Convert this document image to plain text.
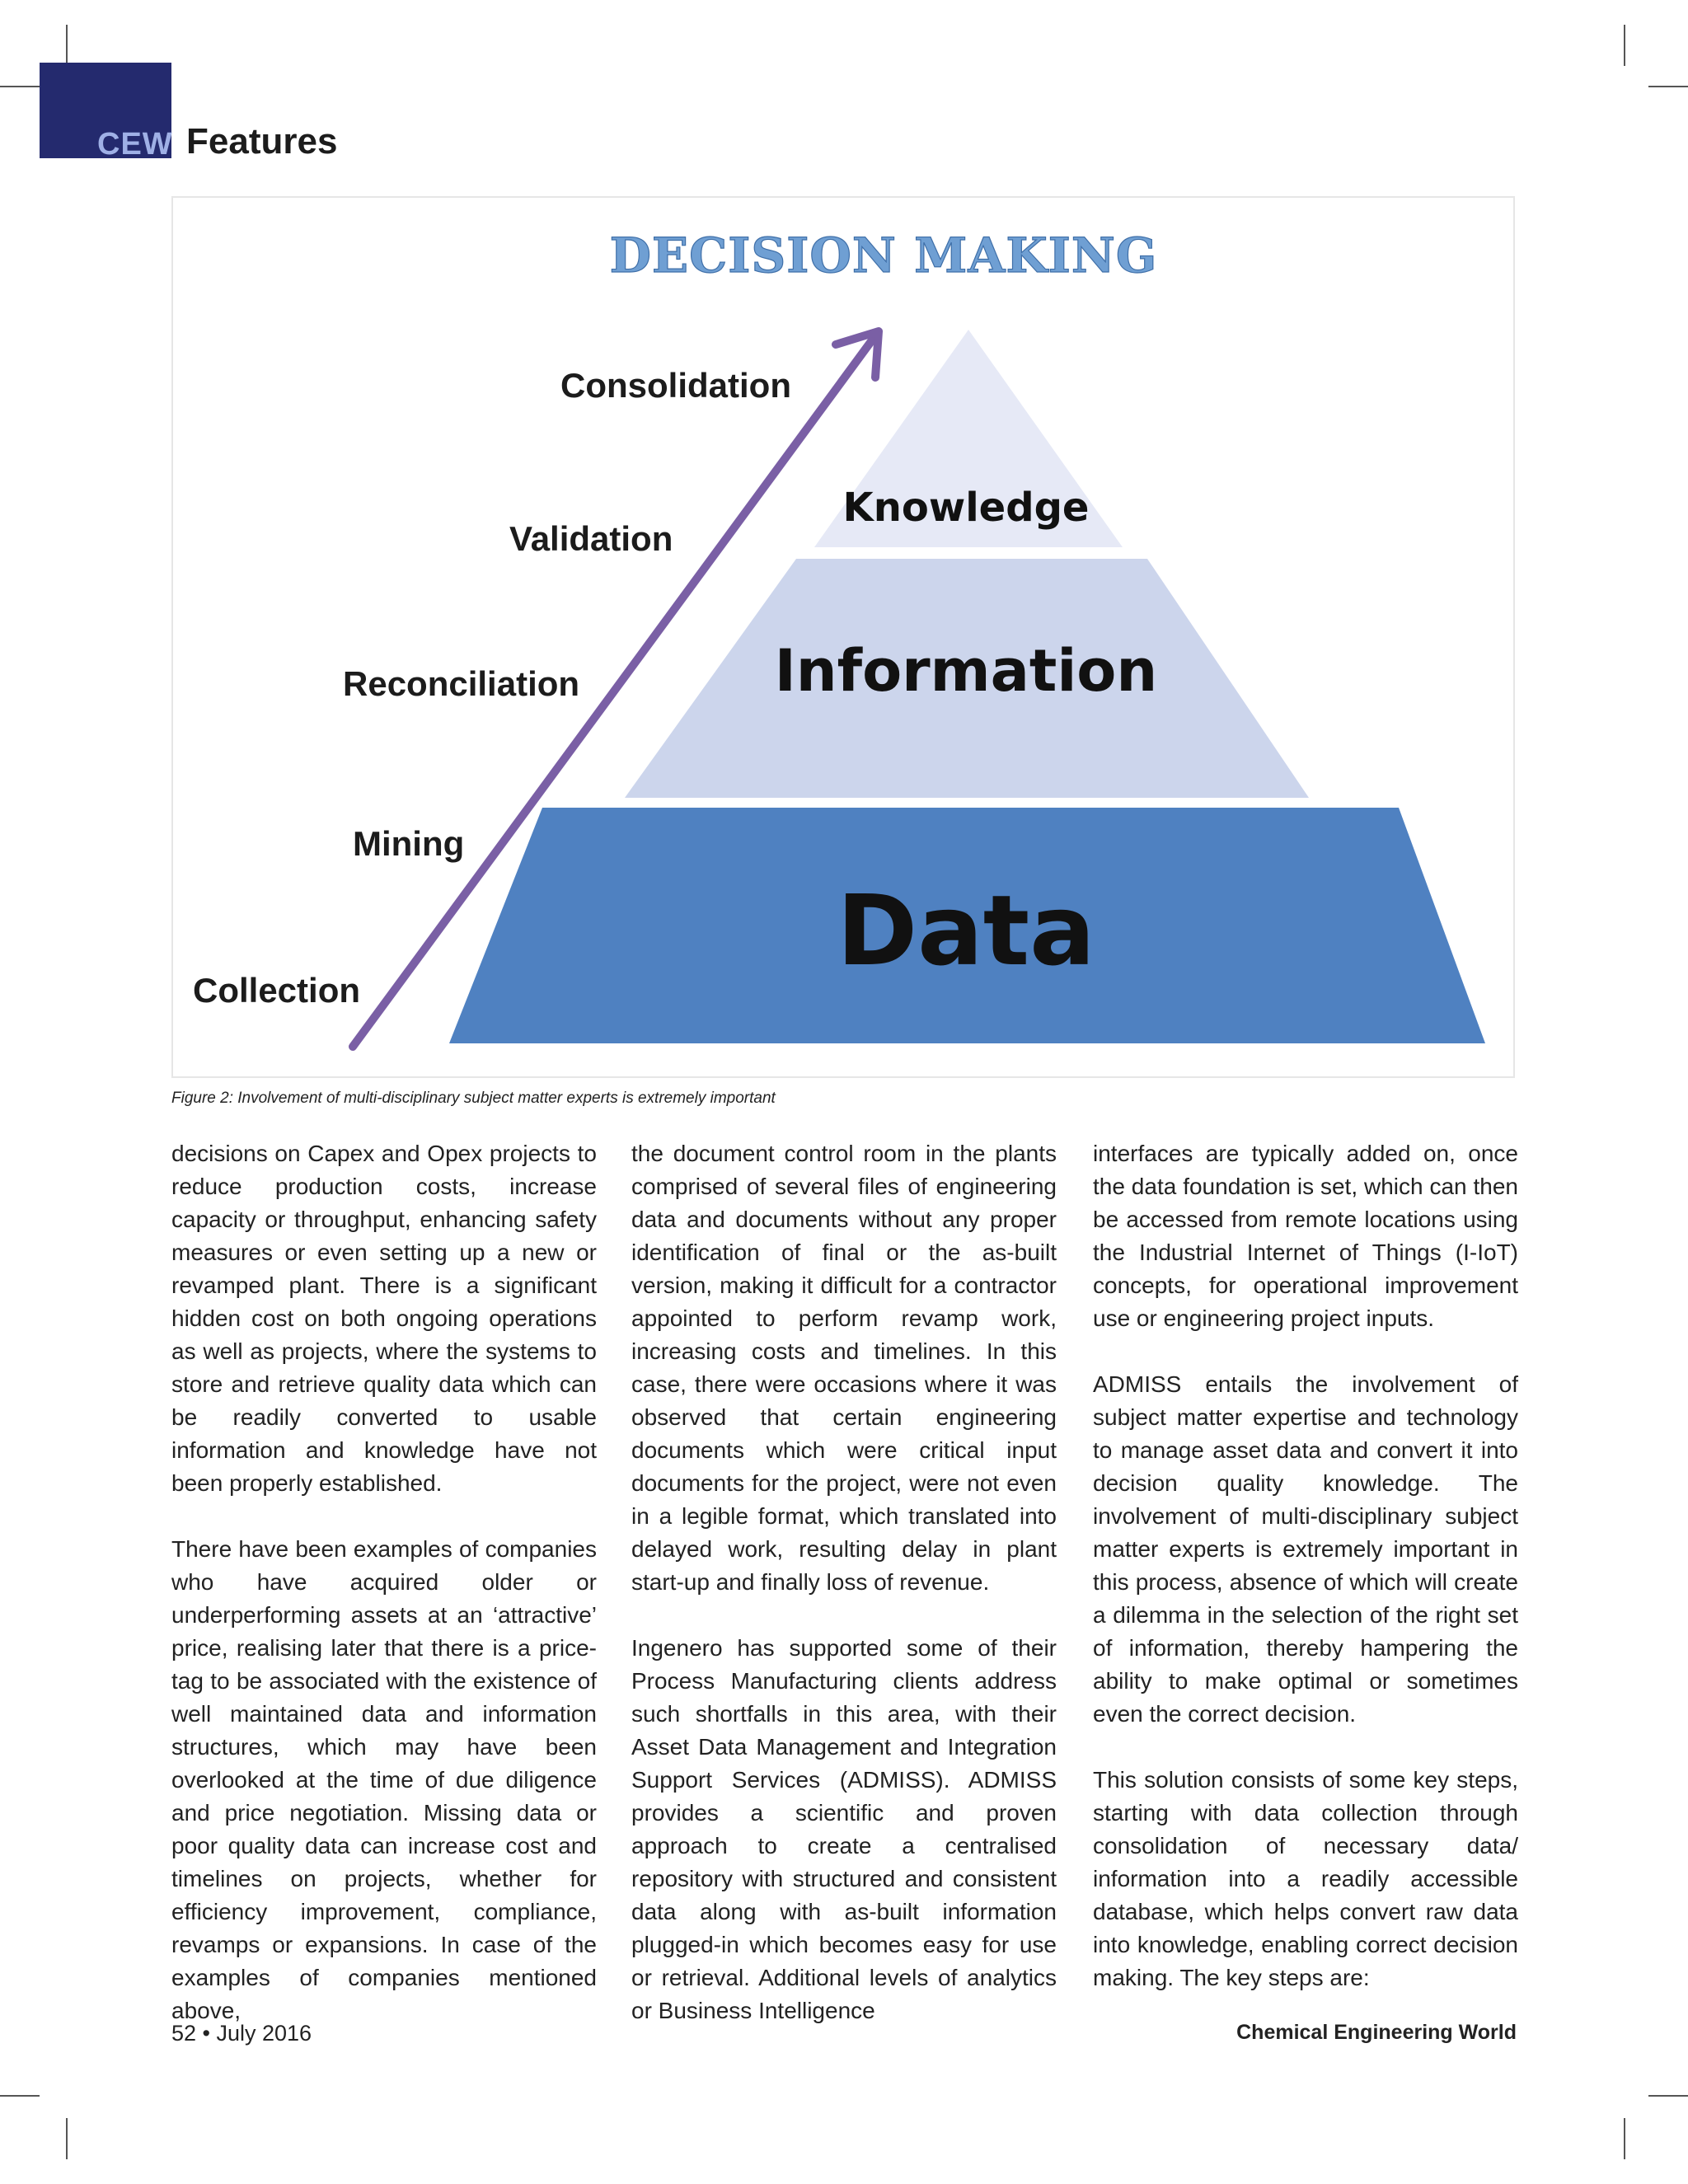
CEW Features
DECISION MAKING
Knowledge
Information
Data
Consolidation
Validation
Reconciliation
Mining
Collection
Figure 2: Involvement of multi-disciplinary subject matter experts is extremely important

decisions on Capex and Opex projects to reduce production costs, increase capacity or throughput, enhancing safety measures or even setting up a new or revamped plant. There is a significant hidden cost on both ongoing operations as well as projects, where the systems to store and retrieve quality data which can be readily converted to usable information and knowledge have not been properly established.

There have been examples of companies who have acquired older or underperforming assets at an ‘attractive’ price, realising later that there is a price-tag to be associated with the existence of well maintained data and information structures, which may have been overlooked at the time of due diligence and price negotiation. Missing data or poor quality data can increase cost and timelines on projects, whether for efficiency improvement, compliance, revamps or expansions. In case of the examples of companies mentioned above,

the document control room in the plants comprised of several files of engineering data and documents without any proper identification of final or the as-built version, making it difficult for a contractor appointed to perform revamp work, increasing costs and timelines. In this case, there were occasions where it was observed that certain engineering documents which were critical input documents for the project, were not even in a legible format, which translated into delayed work, resulting delay in plant start-up and finally loss of revenue.

Ingenero has supported some of their Process Manufacturing clients address such shortfalls in this area, with their Asset Data Management and Integration Support Services (ADMISS). ADMISS provides a scientific and proven approach to create a centralised repository with structured and consistent data along with as-built information plugged-in which becomes easy for use or retrieval. Additional levels of analytics or Business Intelligence

interfaces are typically added on, once the data foundation is set, which can then be accessed from remote locations using the Industrial Internet of Things (I-IoT) concepts, for operational improvement use or engineering project inputs.

ADMISS entails the involvement of subject matter expertise and technology to manage asset data and convert it into decision quality knowledge. The involvement of multi-disciplinary subject matter experts is extremely important in this process, absence of which will create a dilemma in the selection of the right set of information, thereby hampering the ability to make optimal or sometimes even the correct decision.

This solution consists of some key steps, starting with data collection through consolidation of necessary data/ information into a readily accessible database, which helps convert raw data into knowledge, enabling correct decision making. The key steps are:

52 • July 2016	Chemical Engineering World
